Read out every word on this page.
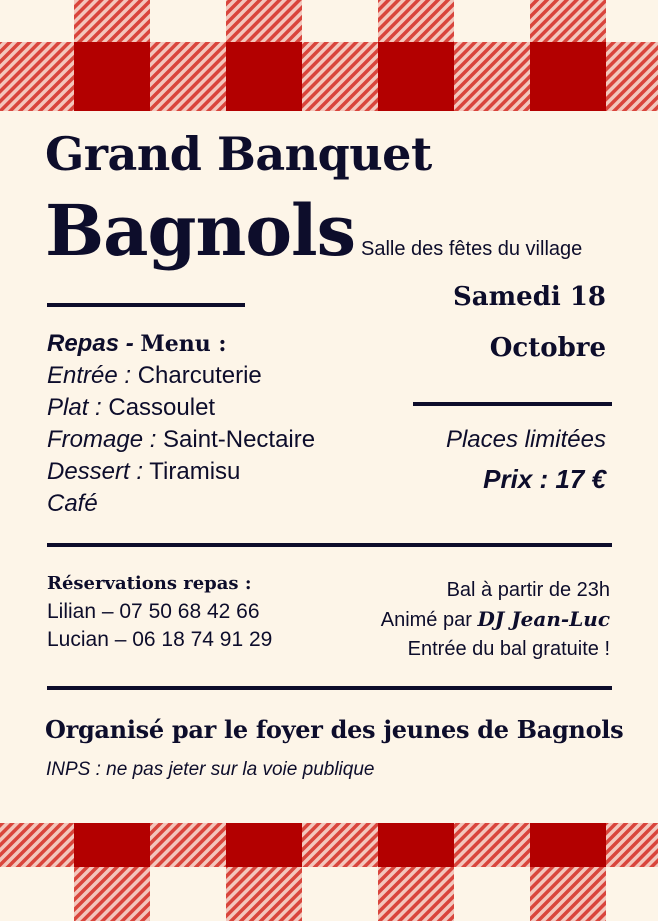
Grand Banquet
Bagnols Salle des fêtes du village
Samedi 18
Octobre
Repas - Menu :
Entrée : Charcuterie
Plat : Cassoulet
Fromage : Saint-Nectaire
Dessert : Tiramisu
Café
Places limitées
Prix : 17 €
Réservations repas :
Lilian – 07 50 68 42 66
Lucian – 06 18 74 91 29
Bal à partir de 23h
Animé par DJ Jean-Luc
Entrée du bal gratuite !
Organisé par le foyer des jeunes de Bagnols
INPS : ne pas jeter sur la voie publique
